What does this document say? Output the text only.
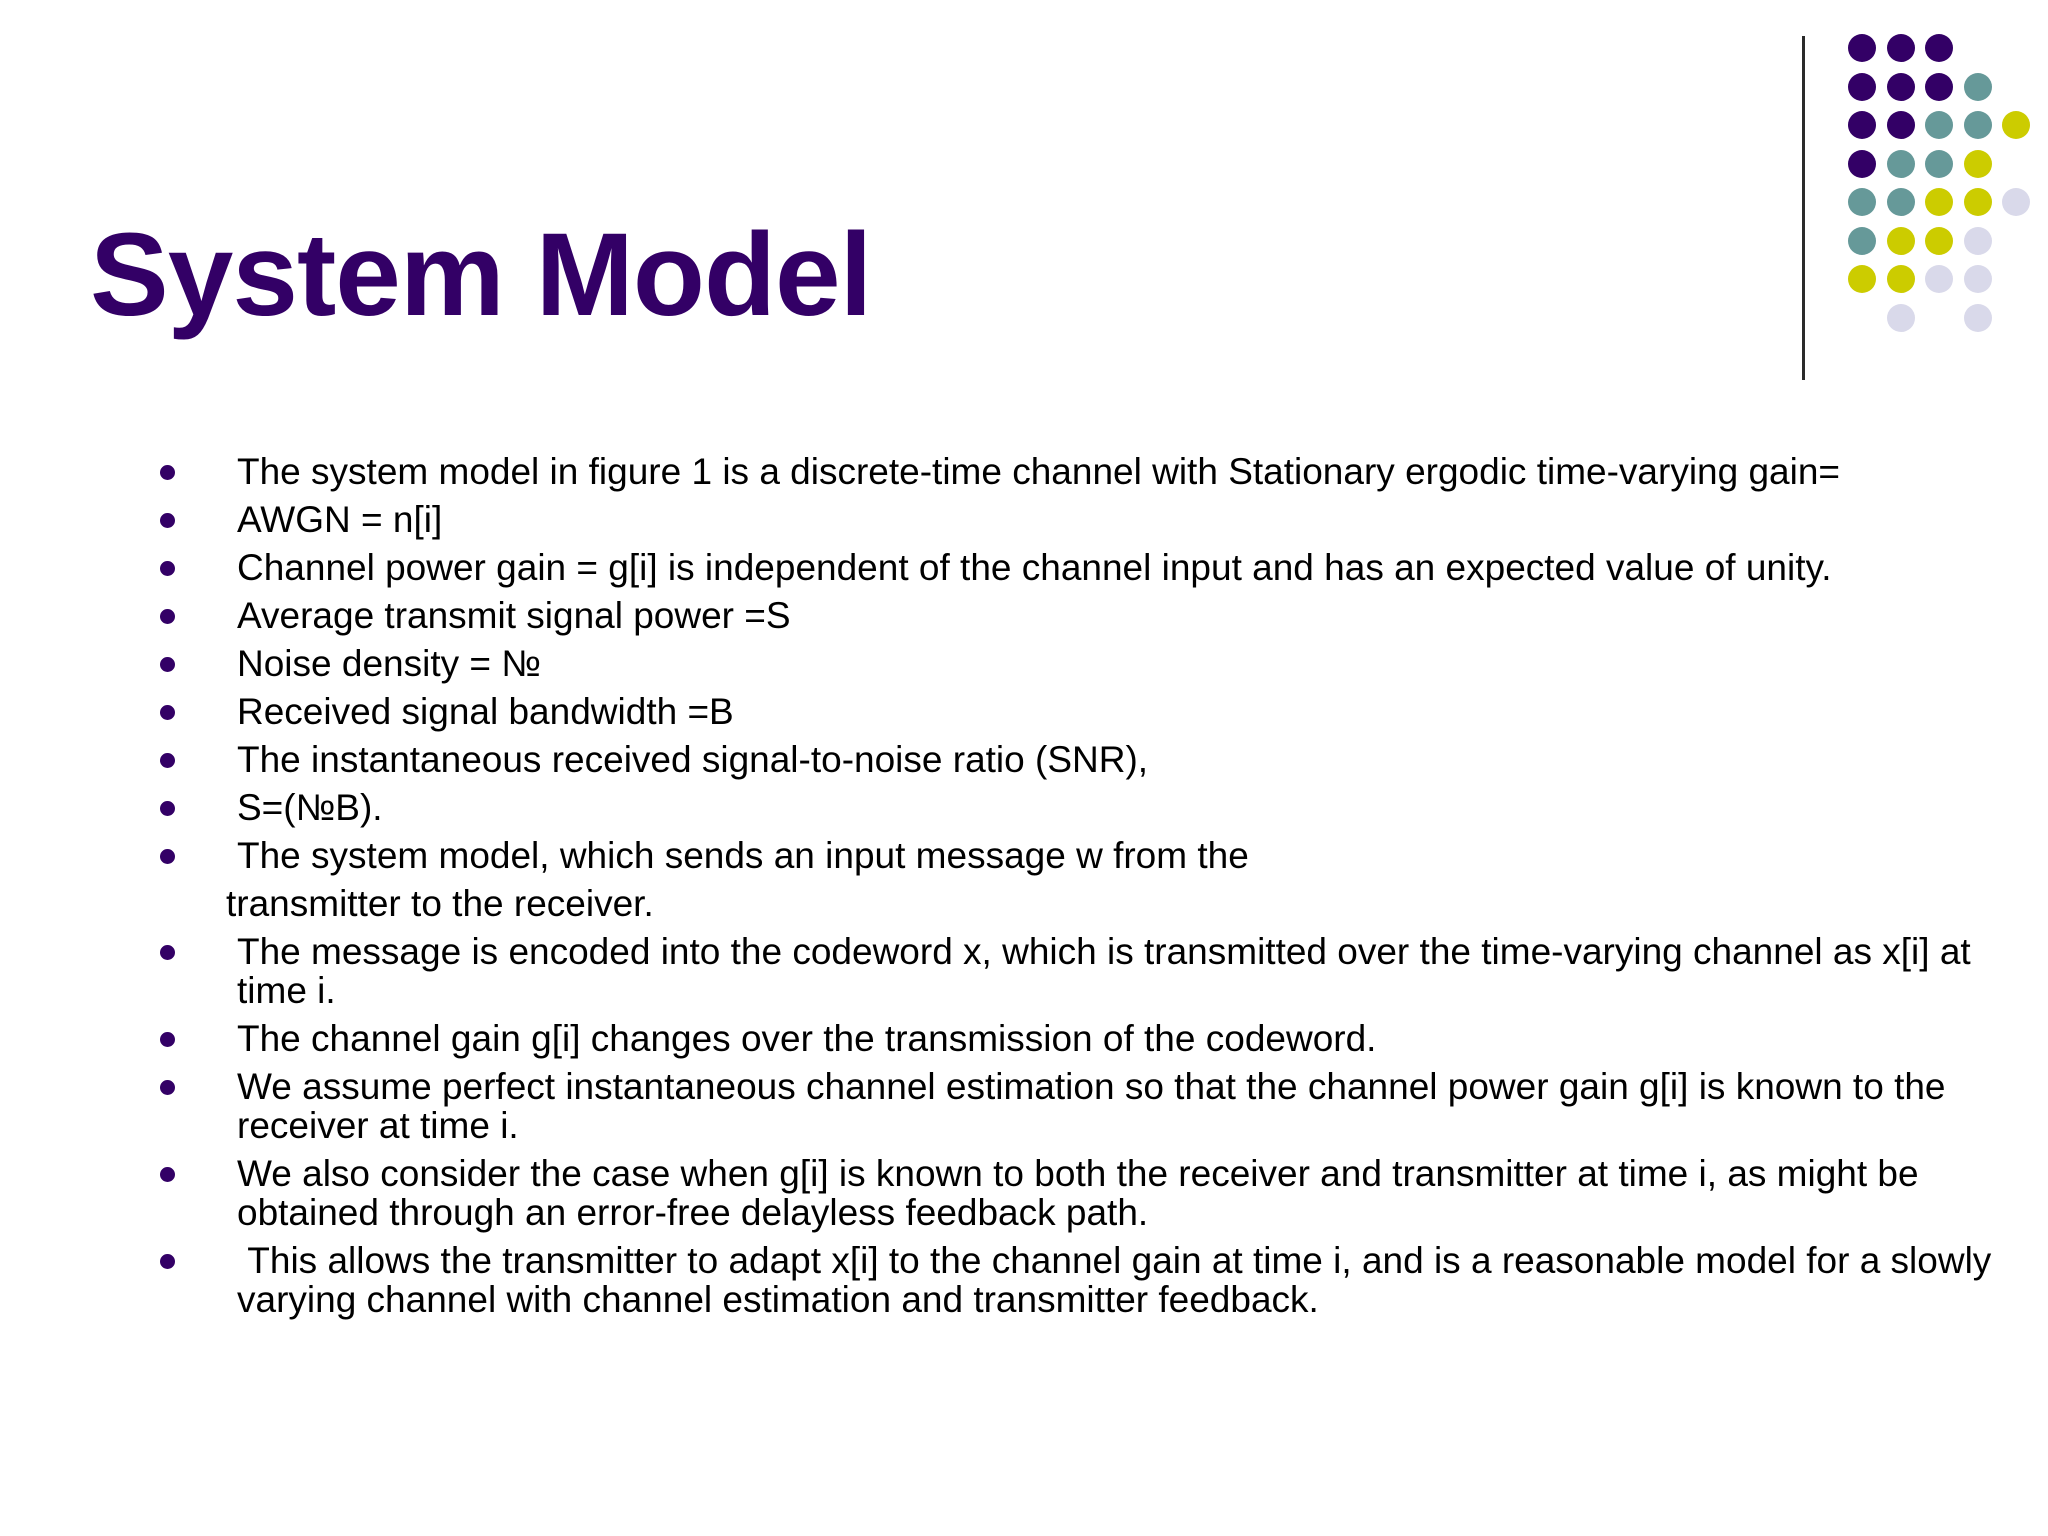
System Model
The system model in figure 1 is a discrete-time channel with Stationary ergodic time-varying gain=
AWGN = n[i]
Channel power gain = g[i] is independent of the channel input and has an expected value of unity.
Average transmit signal power =S
Noise density = №
Received signal bandwidth =B
The instantaneous received signal-to-noise ratio (SNR),
S=(№B).
The system model, which sends an input message w from the
transmitter to the receiver.
The message is encoded into the codeword x, which is transmitted over the time-varying channel as x[i] at time i.
The channel gain g[i] changes over the transmission of the codeword.
We assume perfect instantaneous channel estimation so that the channel power gain g[i] is known to the receiver at time i.
We also consider the case when g[i] is known to both the receiver and transmitter at time i, as might be obtained through an error-free delayless feedback path.
This allows the transmitter to adapt x[i] to the channel gain at time i, and is a reasonable model for a slowly varying channel with channel estimation and transmitter feedback.
